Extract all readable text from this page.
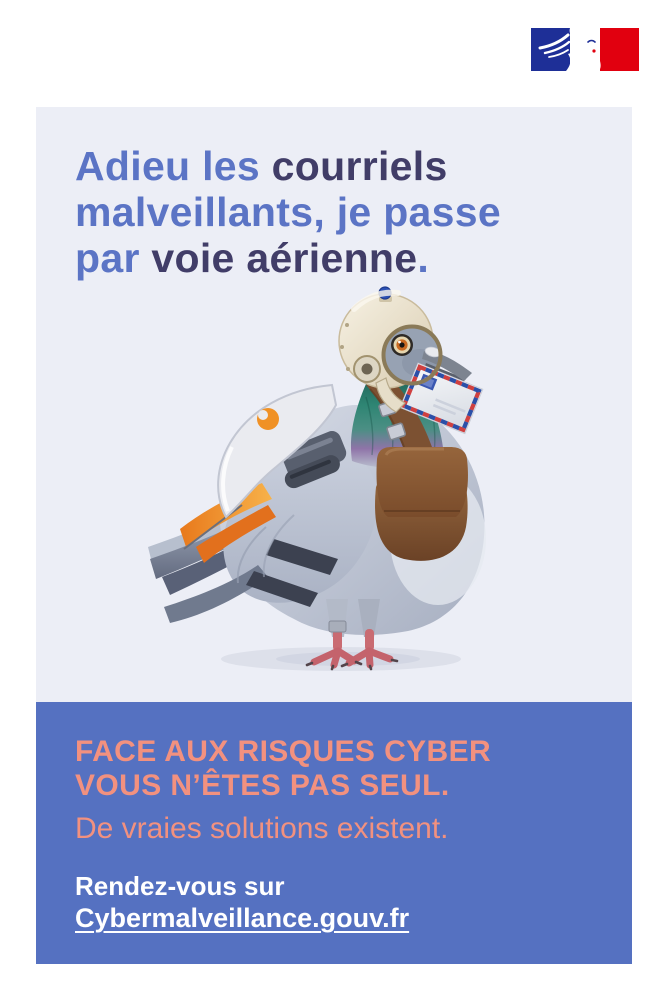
Adieu les courriels
malveillants, je passe
par voie aérienne.
FACE AUX RISQUES CYBER
VOUS N’ÊTES PAS SEUL.
De vraies solutions existent.
Rendez-vous sur
Cybermalveillance.gouv.fr
